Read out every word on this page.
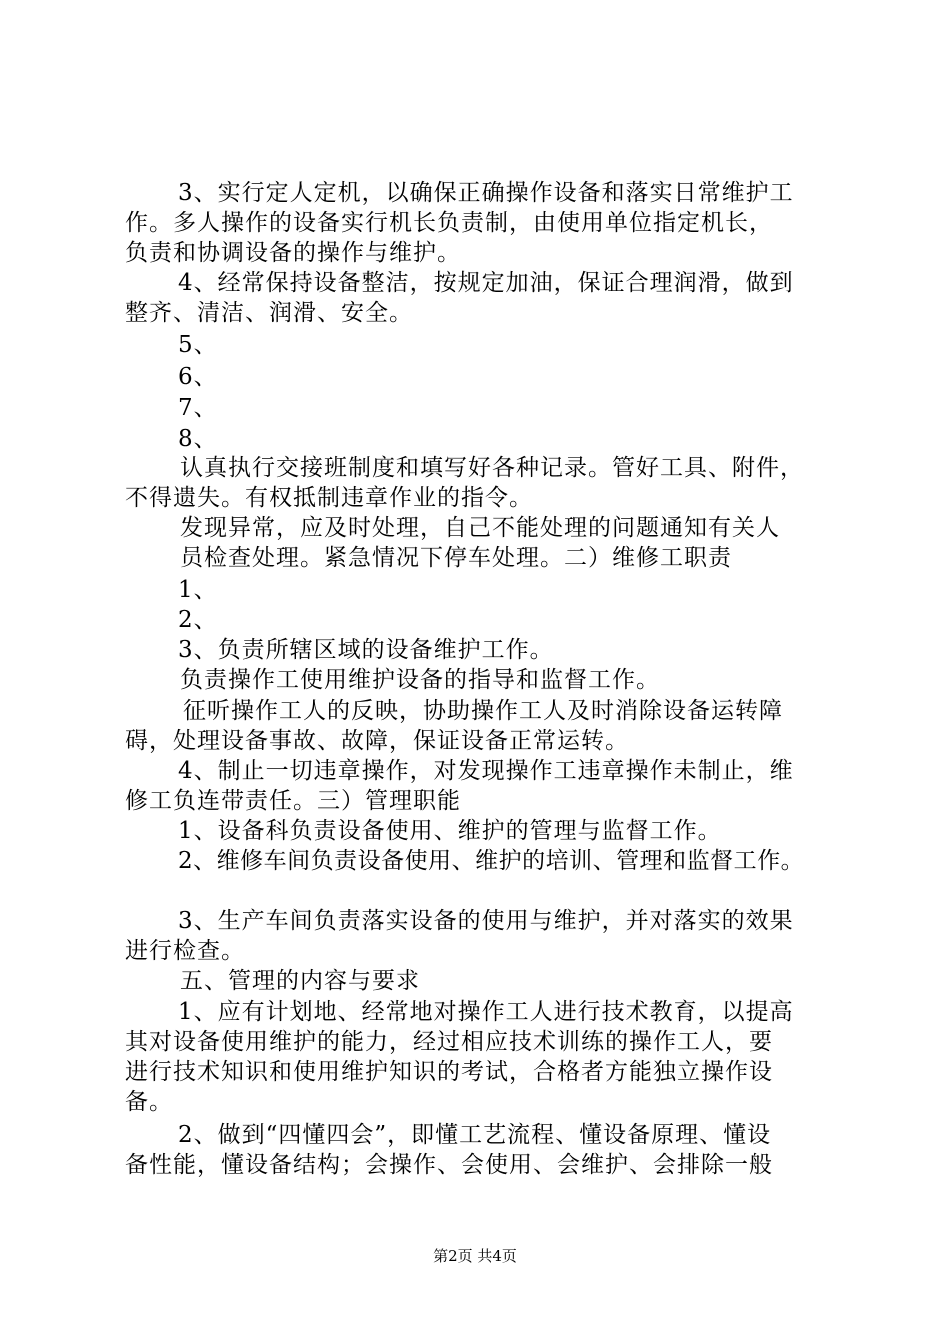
3、实行定人定机，以确保正确操作设备和落实日常维护工
作。多人操作的设备实行机长负责制，由使用单位指定机长，
负责和协调设备的操作与维护。
4、经常保持设备整洁，按规定加油，保证合理润滑，做到
整齐、清洁、润滑、安全。
5、
6、
7、
8、
认真执行交接班制度和填写好各种记录。管好工具、附件，
不得遗失。有权抵制违章作业的指令。
发现异常，应及时处理，自己不能处理的问题通知有关人
员检查处理。紧急情况下停车处理。二）维修工职责
1、
2、
3、负责所辖区域的设备维护工作。
负责操作工使用维护设备的指导和监督工作。
征听操作工人的反映，协助操作工人及时消除设备运转障
碍，处理设备事故、故障，保证设备正常运转。
4、制止一切违章操作，对发现操作工违章操作未制止，维
修工负连带责任。三）管理职能
1、设备科负责设备使用、维护的管理与监督工作。
2、维修车间负责设备使用、维护的培训、管理和监督工作。
3、生产车间负责落实设备的使用与维护，并对落实的效果
进行检查。
五、管理的内容与要求
1、应有计划地、经常地对操作工人进行技术教育，以提高
其对设备使用维护的能力，经过相应技术训练的操作工人，要
进行技术知识和使用维护知识的考试，合格者方能独立操作设
备。
2、做到“四懂四会”，即懂工艺流程、懂设备原理、懂设
备性能，懂设备结构；会操作、会使用、会维护、会排除一般
第2页 共4页
